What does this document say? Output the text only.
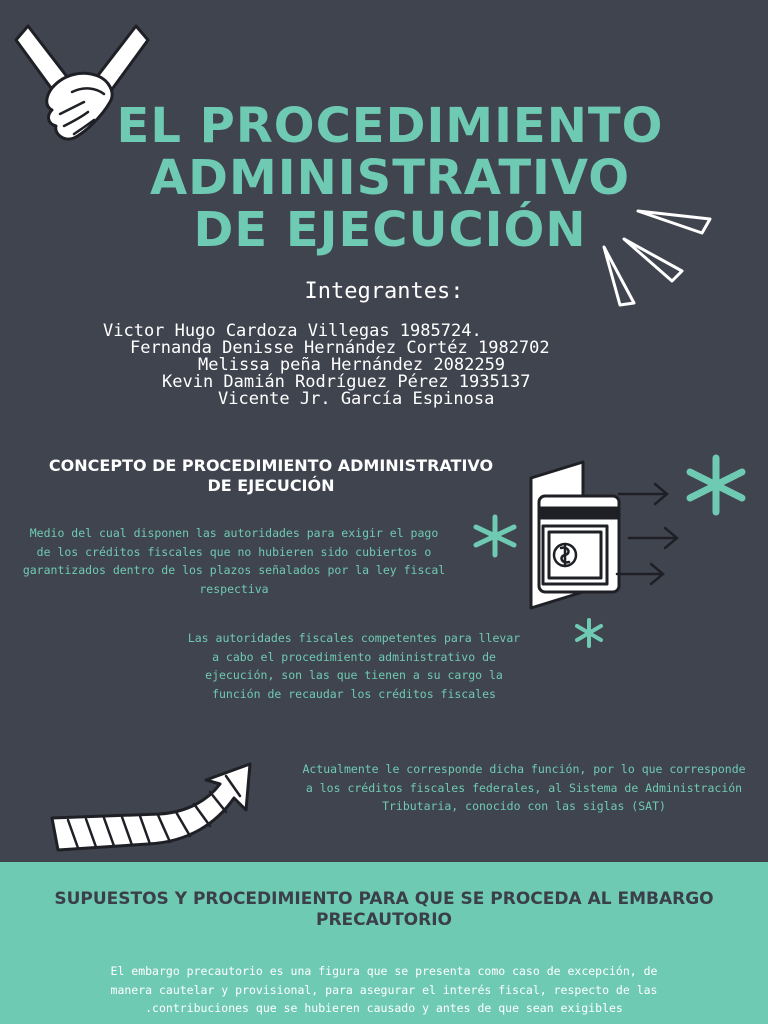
EL PROCEDIMIENTO
ADMINISTRATIVO
DE EJECUCIÓN
Integrantes:
Victor Hugo Cardoza Villegas 1985724.
Fernanda Denisse Hernández Cortéz 1982702
Melissa peña Hernández 2082259
Kevin Damián Rodríguez Pérez 1935137
Vicente Jr. García Espinosa
CONCEPTO DE PROCEDIMIENTO ADMINISTRATIVO DE EJECUCIÓN
Medio del cual disponen las autoridades para exigir el pago de los créditos fiscales que no hubieren sido cubiertos o garantizados dentro de los plazos señalados por la ley fiscal respectiva
Las autoridades fiscales competentes para llevar a cabo el procedimiento administrativo de ejecución, son las que tienen a su cargo la función de recaudar los créditos fiscales
Actualmente le corresponde dicha función, por lo que corresponde a los créditos fiscales federales, al Sistema de Administración Tributaria, conocido con las siglas (SAT)
SUPUESTOS Y PROCEDIMIENTO PARA QUE SE PROCEDA AL EMBARGO PRECAUTORIO
El embargo precautorio es una figura que se presenta como caso de excepción, de manera cautelar y provisional, para asegurar el interés fiscal, respecto de las .contribuciones que se hubieren causado y antes de que sean exigibles
